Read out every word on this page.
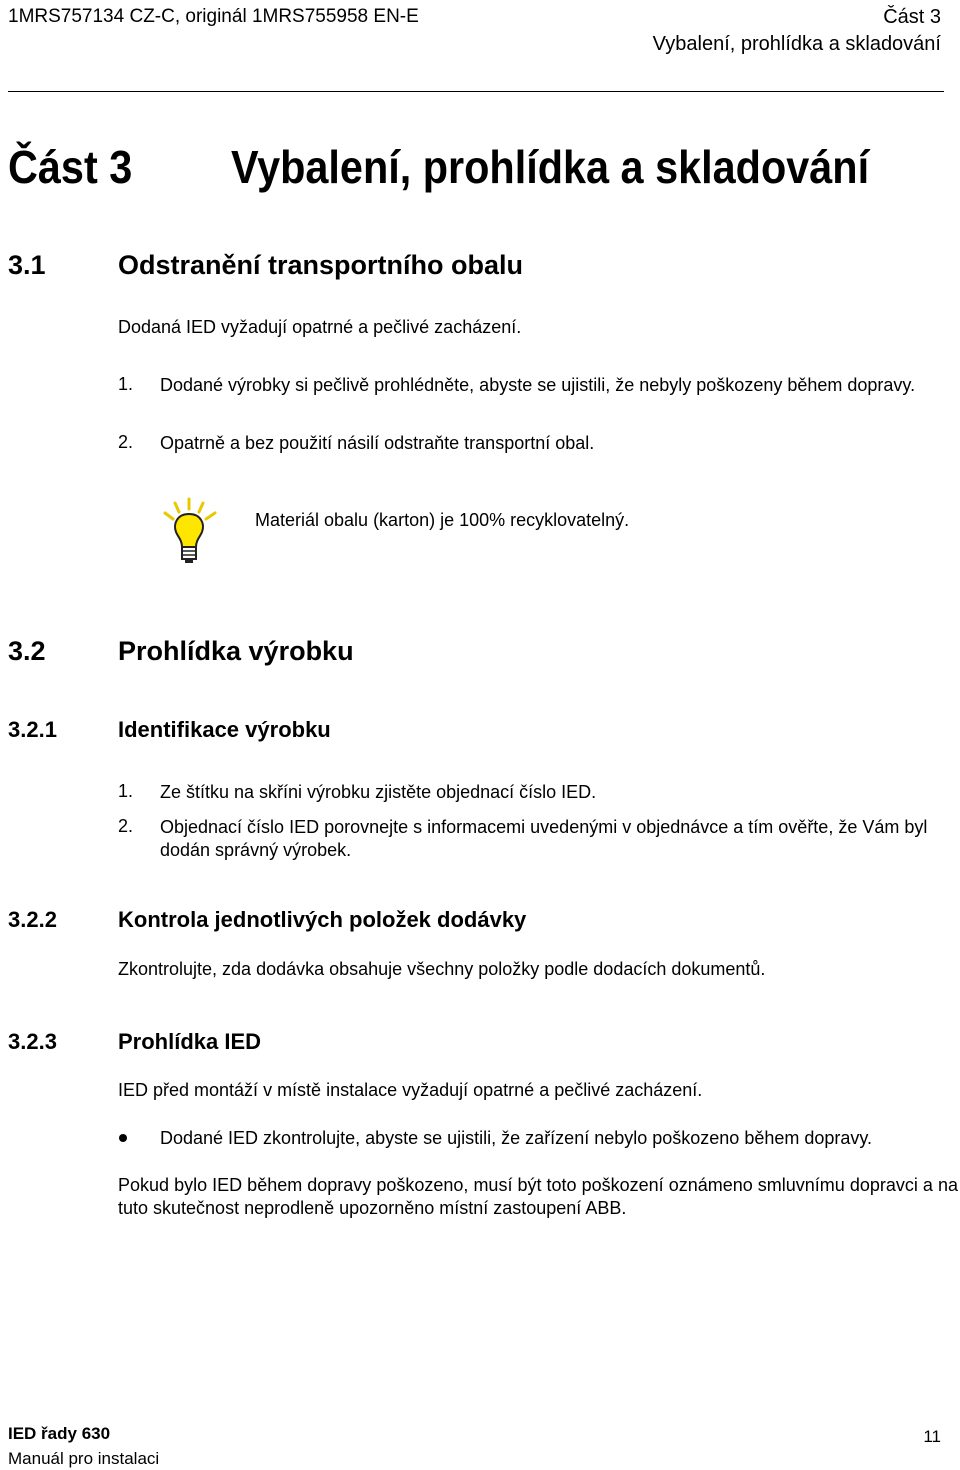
1MRS757134 CZ-C, originál 1MRS755958 EN-E	Část 3
Vybalení, prohlídka a skladování
Část 3 Vybalení, prohlídka a skladování
3.1	Odstranění transportního obalu
Dodaná IED vyžadují opatrné a pečlivé zacházení.
1. Dodané výrobky si pečlivě prohlédněte, abyste se ujistili, že nebyly poškozeny během dopravy.
2. Opatrně a bez použití násilí odstraňte transportní obal.
Materiál obalu (karton) je 100% recyklovatelný.
3.2	Prohlídka výrobku
3.2.1	Identifikace výrobku
1. Ze štítku na skříni výrobku zjistěte objednací číslo IED.
2. Objednací číslo IED porovnejte s informacemi uvedenými v objednávce a tím ověřte, že Vám byl dodán správný výrobek.
3.2.2	Kontrola jednotlivých položek dodávky
Zkontrolujte, zda dodávka obsahuje všechny položky podle dodacích dokumentů.
3.2.3	Prohlídka IED
IED před montáží v místě instalace vyžadují opatrné a pečlivé zacházení.
Dodané IED zkontrolujte, abyste se ujistili, že zařízení nebylo poškozeno během dopravy.
Pokud bylo IED během dopravy poškozeno, musí být toto poškození oznámeno smluvnímu dopravci a na tuto skutečnost neprodleně upozorněno místní zastoupení ABB.
IED řady 630
Manuál pro instalaci
11
